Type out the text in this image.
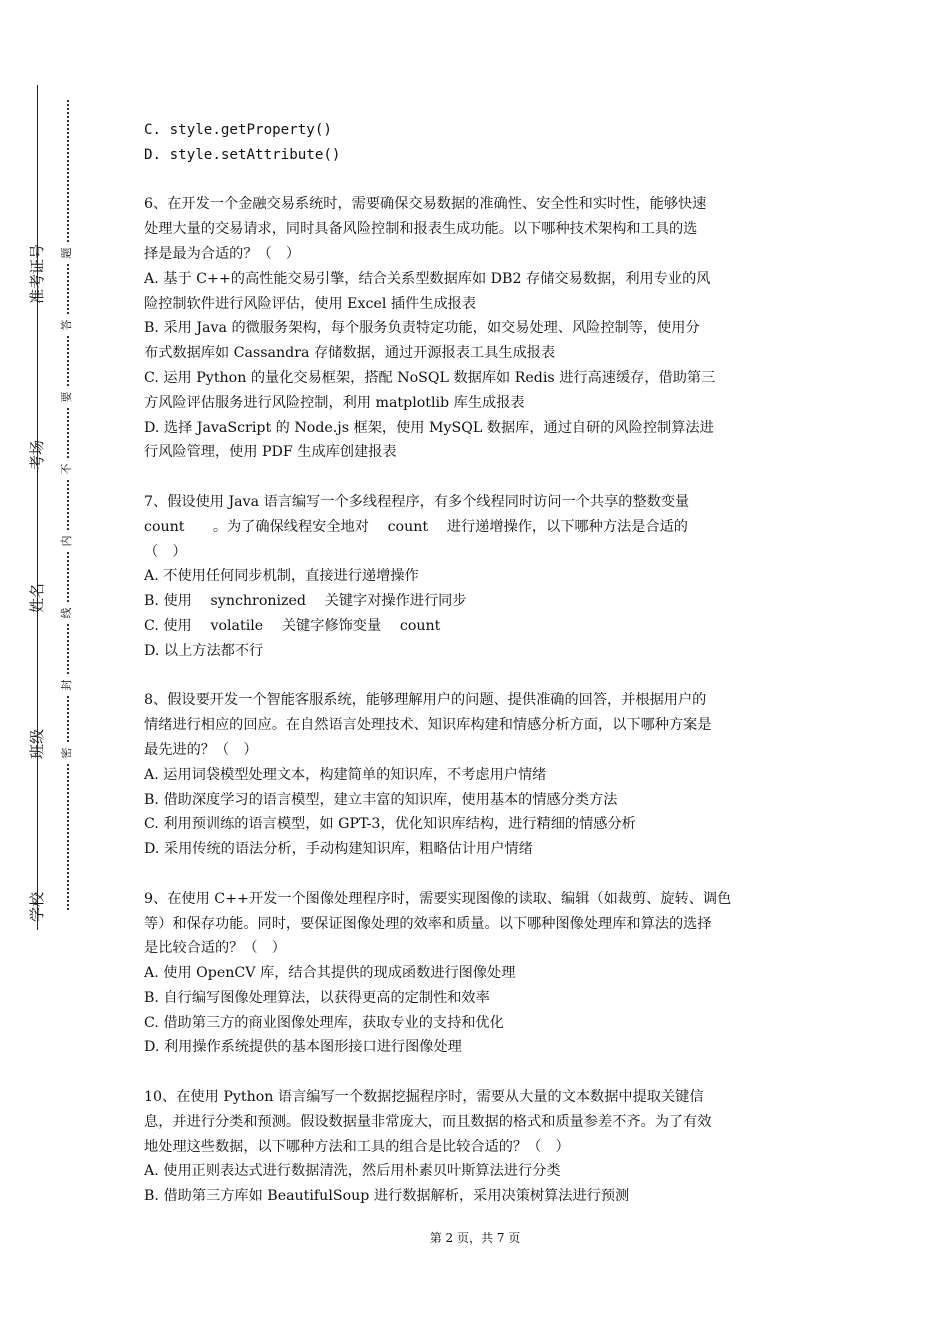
准考证号
考场
姓名
班级
学校
题
答
要
不
内
线
封
密

C. style.getProperty()

D. style.setAttribute()

6、在开发一个金融交易系统时，需要确保交易数据的准确性、安全性和实时性，能够快速

处理大量的交易请求，同时具备风险控制和报表生成功能。以下哪种技术架构和工具的选

择是最为合适的？（　）

A. 基于 C++的高性能交易引擎，结合关系型数据库如 DB2 存储交易数据，利用专业的风

险控制软件进行风险评估，使用 Excel 插件生成报表

B. 采用 Java 的微服务架构，每个服务负责特定功能，如交易处理、风险控制等，使用分

布式数据库如 Cassandra 存储数据，通过开源报表工具生成报表

C. 运用 Python 的量化交易框架，搭配 NoSQL 数据库如 Redis 进行高速缓存，借助第三

方风险评估服务进行风险控制，利用 matplotlib 库生成报表

D. 选择 JavaScript 的 Node.js 框架，使用 MySQL 数据库，通过自研的风险控制算法进

行风险管理，使用 PDF 生成库创建报表

7、假设使用 Java 语言编写一个多线程程序，有多个线程同时访问一个共享的整数变量

count　　。为了确保线程安全地对　 count　 进行递增操作，以下哪种方法是合适的

（　）

A. 不使用任何同步机制，直接进行递增操作

B. 使用　 synchronized　 关键字对操作进行同步

C. 使用　 volatile　 关键字修饰变量　 count

D. 以上方法都不行

8、假设要开发一个智能客服系统，能够理解用户的问题、提供准确的回答，并根据用户的

情绪进行相应的回应。在自然语言处理技术、知识库构建和情感分析方面，以下哪种方案是

最先进的？（　）

A. 运用词袋模型处理文本，构建简单的知识库，不考虑用户情绪

B. 借助深度学习的语言模型，建立丰富的知识库，使用基本的情感分类方法

C. 利用预训练的语言模型，如 GPT-3，优化知识库结构，进行精细的情感分析

D. 采用传统的语法分析，手动构建知识库，粗略估计用户情绪

9、在使用 C++开发一个图像处理程序时，需要实现图像的读取、编辑（如裁剪、旋转、调色

等）和保存功能。同时，要保证图像处理的效率和质量。以下哪种图像处理库和算法的选择

是比较合适的？（　）

A. 使用 OpenCV 库，结合其提供的现成函数进行图像处理

B. 自行编写图像处理算法，以获得更高的定制性和效率

C. 借助第三方的商业图像处理库，获取专业的支持和优化

D. 利用操作系统提供的基本图形接口进行图像处理

10、在使用 Python 语言编写一个数据挖掘程序时，需要从大量的文本数据中提取关键信

息，并进行分类和预测。假设数据量非常庞大，而且数据的格式和质量参差不齐。为了有效

地处理这些数据，以下哪种方法和工具的组合是比较合适的？（　）

A. 使用正则表达式进行数据清洗，然后用朴素贝叶斯算法进行分类

B. 借助第三方库如 BeautifulSoup 进行数据解析，采用决策树算法进行预测

第 2 页，共 7 页
